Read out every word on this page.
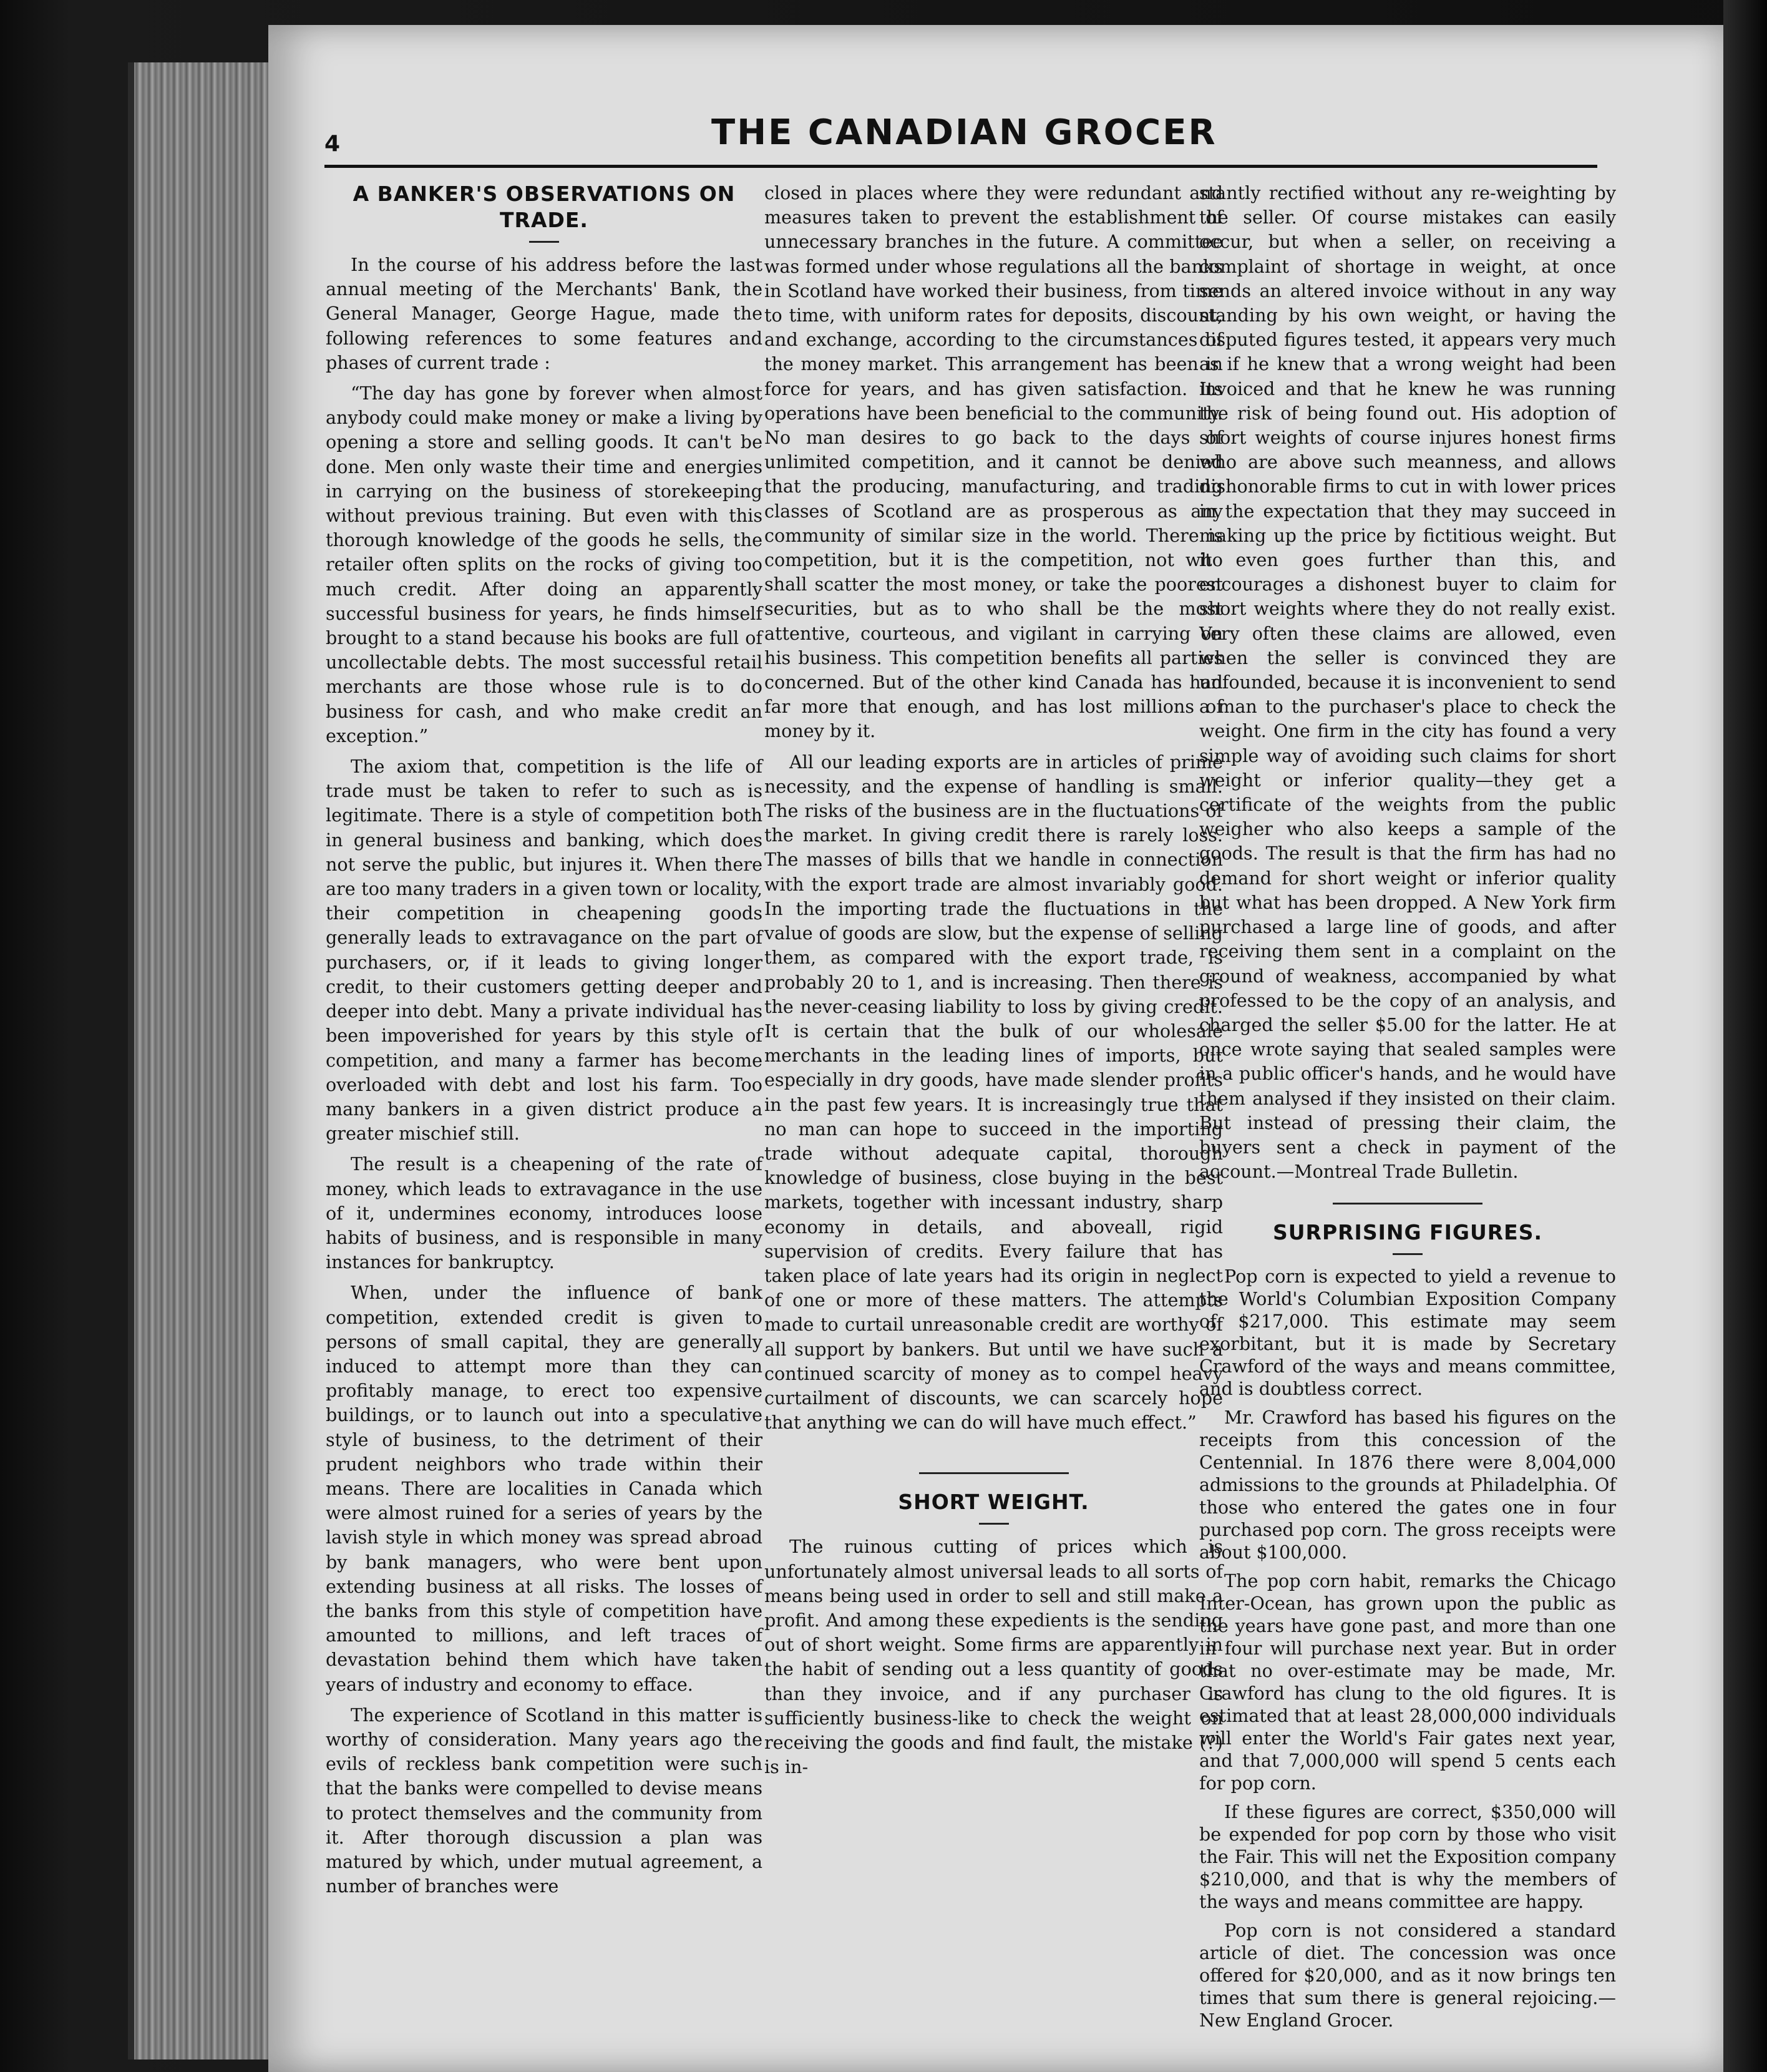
4	THE CANADIAN GROCER
A BANKER'S OBSERVATIONS ON TRADE.

In the course of his address before the last annual meeting of the Merchants' Bank, the General Manager, George Hague, made the following references to some features and phases of current trade :

“The day has gone by forever when almost anybody could make money or make a living by opening a store and selling goods. It can't be done. Men only waste their time and energies in carrying on the business of storekeeping without previous training. But even with this thorough knowledge of the goods he sells, the retailer often splits on the rocks of giving too much credit. After doing an apparently successful business for years, he finds himself brought to a stand because his books are full of uncollectable debts. The most successful retail merchants are those whose rule is to do business for cash, and who make credit an exception.”

The axiom that, competition is the life of trade must be taken to refer to such as is legitimate. There is a style of competition both in general business and banking, which does not serve the public, but injures it. When there are too many traders in a given town or locality, their competition in cheapening goods generally leads to extravagance on the part of purchasers, or, if it leads to giving longer credit, to their customers getting deeper and deeper into debt. Many a private individual has been impoverished for years by this style of competition, and many a farmer has become overloaded with debt and lost his farm. Too many bankers in a given district produce a greater mischief still.

The result is a cheapening of the rate of money, which leads to extravagance in the use of it, undermines economy, introduces loose habits of business, and is responsible in many instances for bankruptcy.

When, under the influence of bank competition, extended credit is given to persons of small capital, they are generally induced to attempt more than they can profitably manage, to erect too expensive buildings, or to launch out into a speculative style of business, to the detriment of their prudent neighbors who trade within their means. There are localities in Canada which were almost ruined for a series of years by the lavish style in which money was spread abroad by bank managers, who were bent upon extending business at all risks. The losses of the banks from this style of competition have amounted to millions, and left traces of devastation behind them which have taken years of industry and economy to efface.

The experience of Scotland in this matter is worthy of consideration. Many years ago the evils of reckless bank competition were such that the banks were compelled to devise means to protect themselves and the community from it. After thorough discussion a plan was matured by which, under mutual agreement, a number of branches were

closed in places where they were redundant and measures taken to prevent the establishment of unnecessary branches in the future. A committee was formed under whose regulations all the banks in Scotland have worked their business, from time to time, with uniform rates for deposits, discount, and exchange, according to the circumstances of the money market. This arrangement has been in force for years, and has given satisfaction. Its operations have been beneficial to the community. No man desires to go back to the days of unlimited competition, and it cannot be denied that the producing, manufacturing, and trading classes of Scotland are as prosperous as any community of similar size in the world. There is competition, but it is the competition, not who shall scatter the most money, or take the poorest securities, but as to who shall be the most attentive, courteous, and vigilant in carrying on his business. This competition benefits all parties concerned. But of the other kind Canada has had far more that enough, and has lost millions of money by it.

All our leading exports are in articles of prime necessity, and the expense of handling is small. The risks of the business are in the fluctuations of the market. In giving credit there is rarely loss. The masses of bills that we handle in connection with the export trade are almost invariably good. In the importing trade the fluctuations in the value of goods are slow, but the expense of selling them, as compared with the export trade, is probably 20 to 1, and is increasing. Then there is the never-ceasing liability to loss by giving credit. It is certain that the bulk of our wholesale merchants in the leading lines of imports, but especially in dry goods, have made slender profits in the past few years. It is increasingly true that no man can hope to succeed in the importing trade without adequate capital, thorough knowledge of business, close buying in the best markets, together with incessant industry, sharp economy in details, and aboveall, rigid supervision of credits. Every failure that has taken place of late years had its origin in neglect of one or more of these matters. The attempts made to curtail unreasonable credit are worthy of all support by bankers. But until we have such a continued scarcity of money as to compel heavy curtailment of discounts, we can scarcely hope that anything we can do will have much effect.”

SHORT WEIGHT.

The ruinous cutting of prices which is unfortunately almost universal leads to all sorts of means being used in order to sell and still make a profit. And among these expedients is the sending out of short weight. Some firms are apparently in the habit of sending out a less quantity of goods than they invoice, and if any purchaser is sufficiently business-like to check the weight on receiving the goods and find fault, the mistake (?) is in-

stantly rectified without any re-weighting by the seller. Of course mistakes can easily occur, but when a seller, on receiving a complaint of shortage in weight, at once sends an altered invoice without in any way standing by his own weight, or having the disputed figures tested, it appears very much as if he knew that a wrong weight had been invoiced and that he knew he was running the risk of being found out. His adoption of short weights of course injures honest firms who are above such meanness, and allows dishonorable firms to cut in with lower prices in the expectation that they may succeed in making up the price by fictitious weight. But it even goes further than this, and encourages a dishonest buyer to claim for short weights where they do not really exist. Very often these claims are allowed, even when the seller is convinced they are unfounded, because it is inconvenient to send a man to the purchaser's place to check the weight. One firm in the city has found a very simple way of avoiding such claims for short weight or inferior quality—they get a certificate of the weights from the public weigher who also keeps a sample of the goods. The result is that the firm has had no demand for short weight or inferior quality but what has been dropped. A New York firm purchased a large line of goods, and after receiving them sent in a complaint on the ground of weakness, accompanied by what professed to be the copy of an analysis, and charged the seller $5.00 for the latter. He at once wrote saying that sealed samples were in a public officer's hands, and he would have them analysed if they insisted on their claim. But instead of pressing their claim, the buyers sent a check in payment of the account.—Montreal Trade Bulletin.

SURPRISING FIGURES.

Pop corn is expected to yield a revenue to the World's Columbian Exposition Company of $217,000. This estimate may seem exorbitant, but it is made by Secretary Crawford of the ways and means committee, and is doubtless correct.

Mr. Crawford has based his figures on the receipts from this concession of the Centennial. In 1876 there were 8,004,000 admissions to the grounds at Philadelphia. Of those who entered the gates one in four purchased pop corn. The gross receipts were about $100,000.

The pop corn habit, remarks the Chicago Inter-Ocean, has grown upon the public as the years have gone past, and more than one in four will purchase next year. But in order that no over-estimate may be made, Mr. Crawford has clung to the old figures. It is estimated that at least 28,000,000 individuals will enter the World's Fair gates next year, and that 7,000,000 will spend 5 cents each for pop corn.

If these figures are correct, $350,000 will be expended for pop corn by those who visit the Fair. This will net the Exposition company $210,000, and that is why the members of the ways and means committee are happy.

Pop corn is not considered a standard article of diet. The concession was once offered for $20,000, and as it now brings ten times that sum there is general rejoicing.—New England Grocer.
